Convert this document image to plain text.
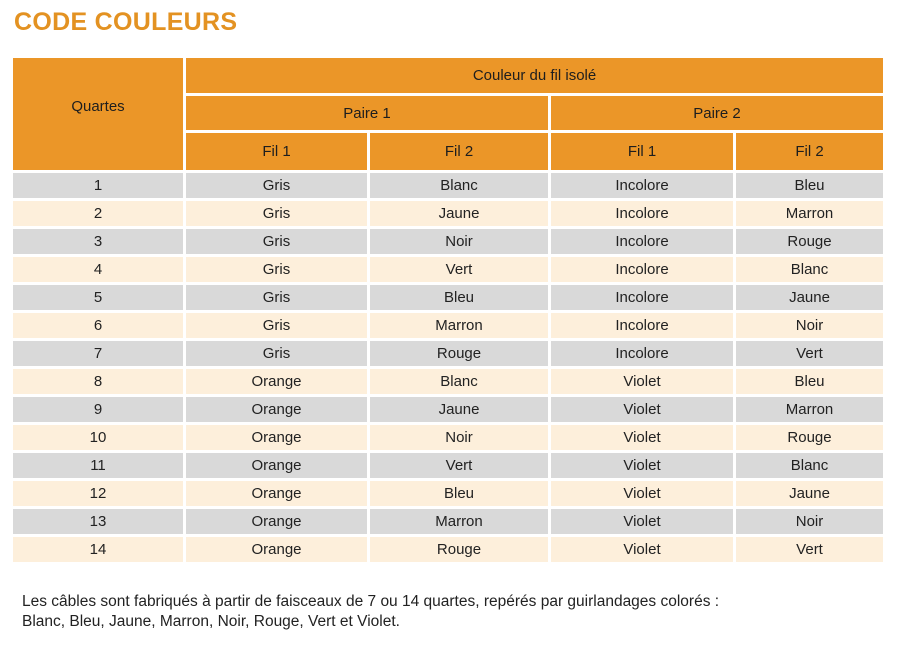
CODE COULEURS
Quartes	Couleur du fil isolé			
	Paire 1		Paire 2	
	Fil 1	Fil 2	Fil 1	Fil 2
1	Gris	Blanc	Incolore	Bleu
2	Gris	Jaune	Incolore	Marron
3	Gris	Noir	Incolore	Rouge
4	Gris	Vert	Incolore	Blanc
5	Gris	Bleu	Incolore	Jaune
6	Gris	Marron	Incolore	Noir
7	Gris	Rouge	Incolore	Vert
8	Orange	Blanc	Violet	Bleu
9	Orange	Jaune	Violet	Marron
10	Orange	Noir	Violet	Rouge
11	Orange	Vert	Violet	Blanc
12	Orange	Bleu	Violet	Jaune
13	Orange	Marron	Violet	Noir
14	Orange	Rouge	Violet	Vert
Les câbles sont fabriqués à partir de faisceaux de 7 ou 14 quartes, repérés par guirlandages colorés :
Blanc, Bleu, Jaune, Marron, Noir, Rouge, Vert et Violet.
